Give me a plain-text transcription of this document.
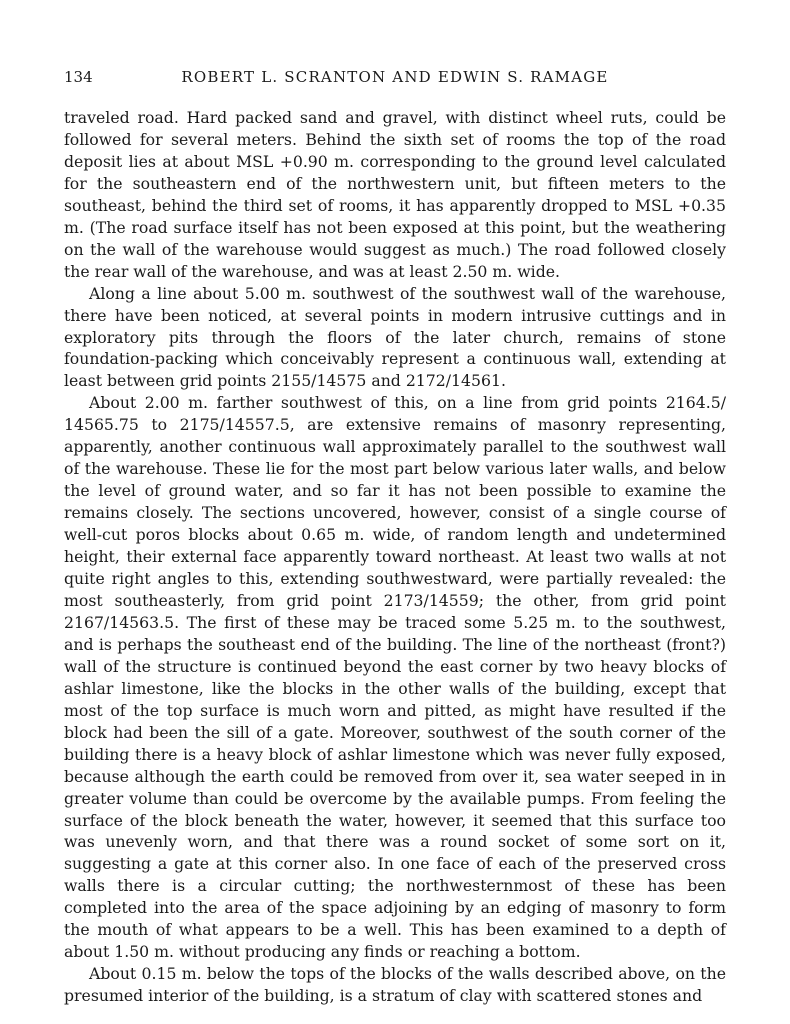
134	ROBERT L. SCRANTON AND EDWIN S. RAMAGE

traveled road. Hard packed sand and gravel, with distinct wheel ruts, could be followed for several meters. Behind the sixth set of rooms the top of the road deposit lies at about MSL +0.90 m. corresponding to the ground level calculated for the southeastern end of the northwestern unit, but fifteen meters to the southeast, behind the third set of rooms, it has apparently dropped to MSL +0.35 m. (The road surface itself has not been exposed at this point, but the weathering on the wall of the warehouse would suggest as much.) The road followed closely the rear wall of the warehouse, and was at least 2.50 m. wide.

Along a line about 5.00 m. southwest of the southwest wall of the warehouse, there have been noticed, at several points in modern intrusive cuttings and in exploratory pits through the floors of the later church, remains of stone foundation-packing which conceivably represent a continuous wall, extending at least between grid points 2155/14575 and 2172/14561.

About 2.00 m. farther southwest of this, on a line from grid points 2164.5/ 14565.75 to 2175/14557.5, are extensive remains of masonry representing, apparently, another continuous wall approximately parallel to the southwest wall of the warehouse. These lie for the most part below various later walls, and below the level of ground water, and so far it has not been possible to examine the remains closely. The sections uncovered, however, consist of a single course of well-cut poros blocks about 0.65 m. wide, of random length and undetermined height, their external face apparently toward northeast. At least two walls at not quite right angles to this, extending southwestward, were partially revealed: the most southeasterly, from grid point 2173/14559; the other, from grid point 2167/14563.5. The first of these may be traced some 5.25 m. to the southwest, and is perhaps the southeast end of the building. The line of the northeast (front?) wall of the structure is continued beyond the east corner by two heavy blocks of ashlar limestone, like the blocks in the other walls of the building, except that most of the top surface is much worn and pitted, as might have resulted if the block had been the sill of a gate. Moreover, southwest of the south corner of the building there is a heavy block of ashlar limestone which was never fully exposed, because although the earth could be removed from over it, sea water seeped in in greater volume than could be overcome by the available pumps. From feeling the surface of the block beneath the water, however, it seemed that this surface too was unevenly worn, and that there was a round socket of some sort on it, suggesting a gate at this corner also. In one face of each of the preserved cross walls there is a circular cutting; the northwesternmost of these has been completed into the area of the space adjoining by an edging of masonry to form the mouth of what appears to be a well. This has been examined to a depth of about 1.50 m. without producing any finds or reaching a bottom.

About 0.15 m. below the tops of the blocks of the walls described above, on the presumed interior of the building, is a stratum of clay with scattered stones and
